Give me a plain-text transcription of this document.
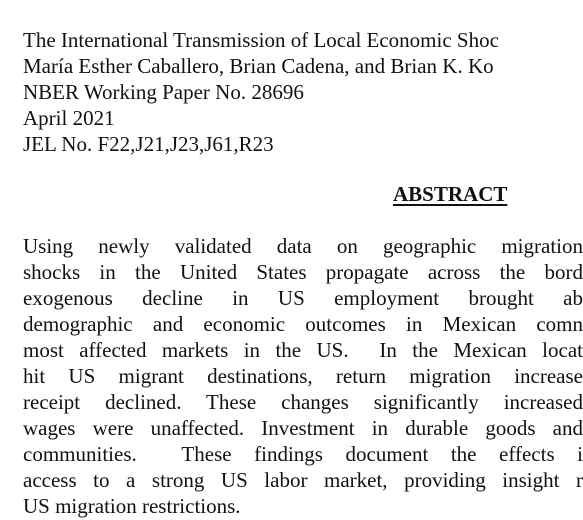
The International Transmission of Local Economic Shoc

María Esther Caballero, Brian Cadena, and Brian K. Ko

NBER Working Paper No. 28696

April 2021

JEL No. F22,J21,J23,J61,R23

ABSTRACT

Using newly validated data on geographic migration

shocks in the United States propagate across the bord

exogenous decline in US employment brought ab

demographic and economic outcomes in Mexican comn

most affected markets in the US.  In the Mexican locat

hit US migrant destinations, return migration increase

receipt declined. These changes significantly increased

wages were unaffected. Investment in durable goods and

communities.  These findings document the effects i

access to a strong US labor market, providing insight r

US migration restrictions.
